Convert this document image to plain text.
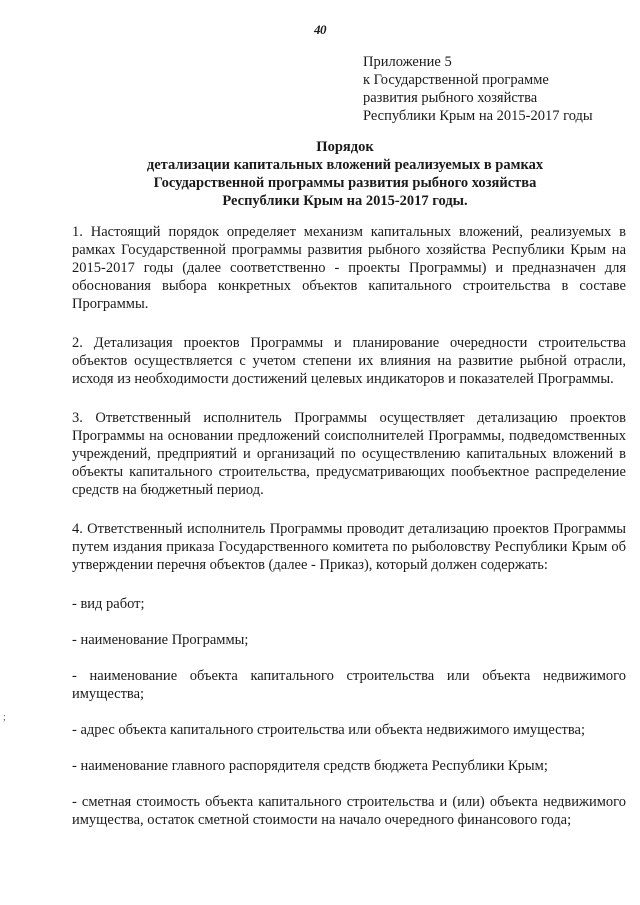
40
Приложение 5
к Государственной программе
развития рыбного хозяйства
Республики Крым на 2015-2017 годы
Порядок
детализации капитальных вложений реализуемых в рамках
Государственной программы развития рыбного хозяйства
Республики Крым на 2015-2017 годы.

1. Настоящий порядок определяет механизм капитальных вложений, реализуемых в рамках Государственной программы развития рыбного хозяйства Республики Крым на 2015-2017 годы (далее соответственно - проекты Программы) и предназначен для обоснования выбора конкретных объектов капитального строительства в составе Программы.

2. Детализация проектов Программы и планирование очередности строительства объектов осуществляется с учетом степени их влияния на развитие рыбной отрасли, исходя из необходимости достижений целевых индикаторов и показателей Программы.

3. Ответственный исполнитель Программы осуществляет детализацию проектов Программы на основании предложений соисполнителей Программы, подведомственных учреждений, предприятий и организаций по осуществлению капитальных вложений в объекты капитального строительства, предусматривающих пообъектное распределение средств на бюджетный период.

4. Ответственный исполнитель Программы проводит детализацию проектов Программы путем издания приказа Государственного комитета по рыболовству Республики Крым об утверждении перечня объектов (далее - Приказ), который должен содержать:

- вид работ;

- наименование Программы;

- наименование объекта капитального строительства или объекта недвижимого имущества;

- адрес объекта капитального строительства или объекта недвижимого имущества;

- наименование главного распорядителя средств бюджета Республики Крым;

- сметная стоимость объекта капитального строительства и (или) объекта недвижимого имущества, остаток сметной стоимости на начало очередного финансового года;

;
